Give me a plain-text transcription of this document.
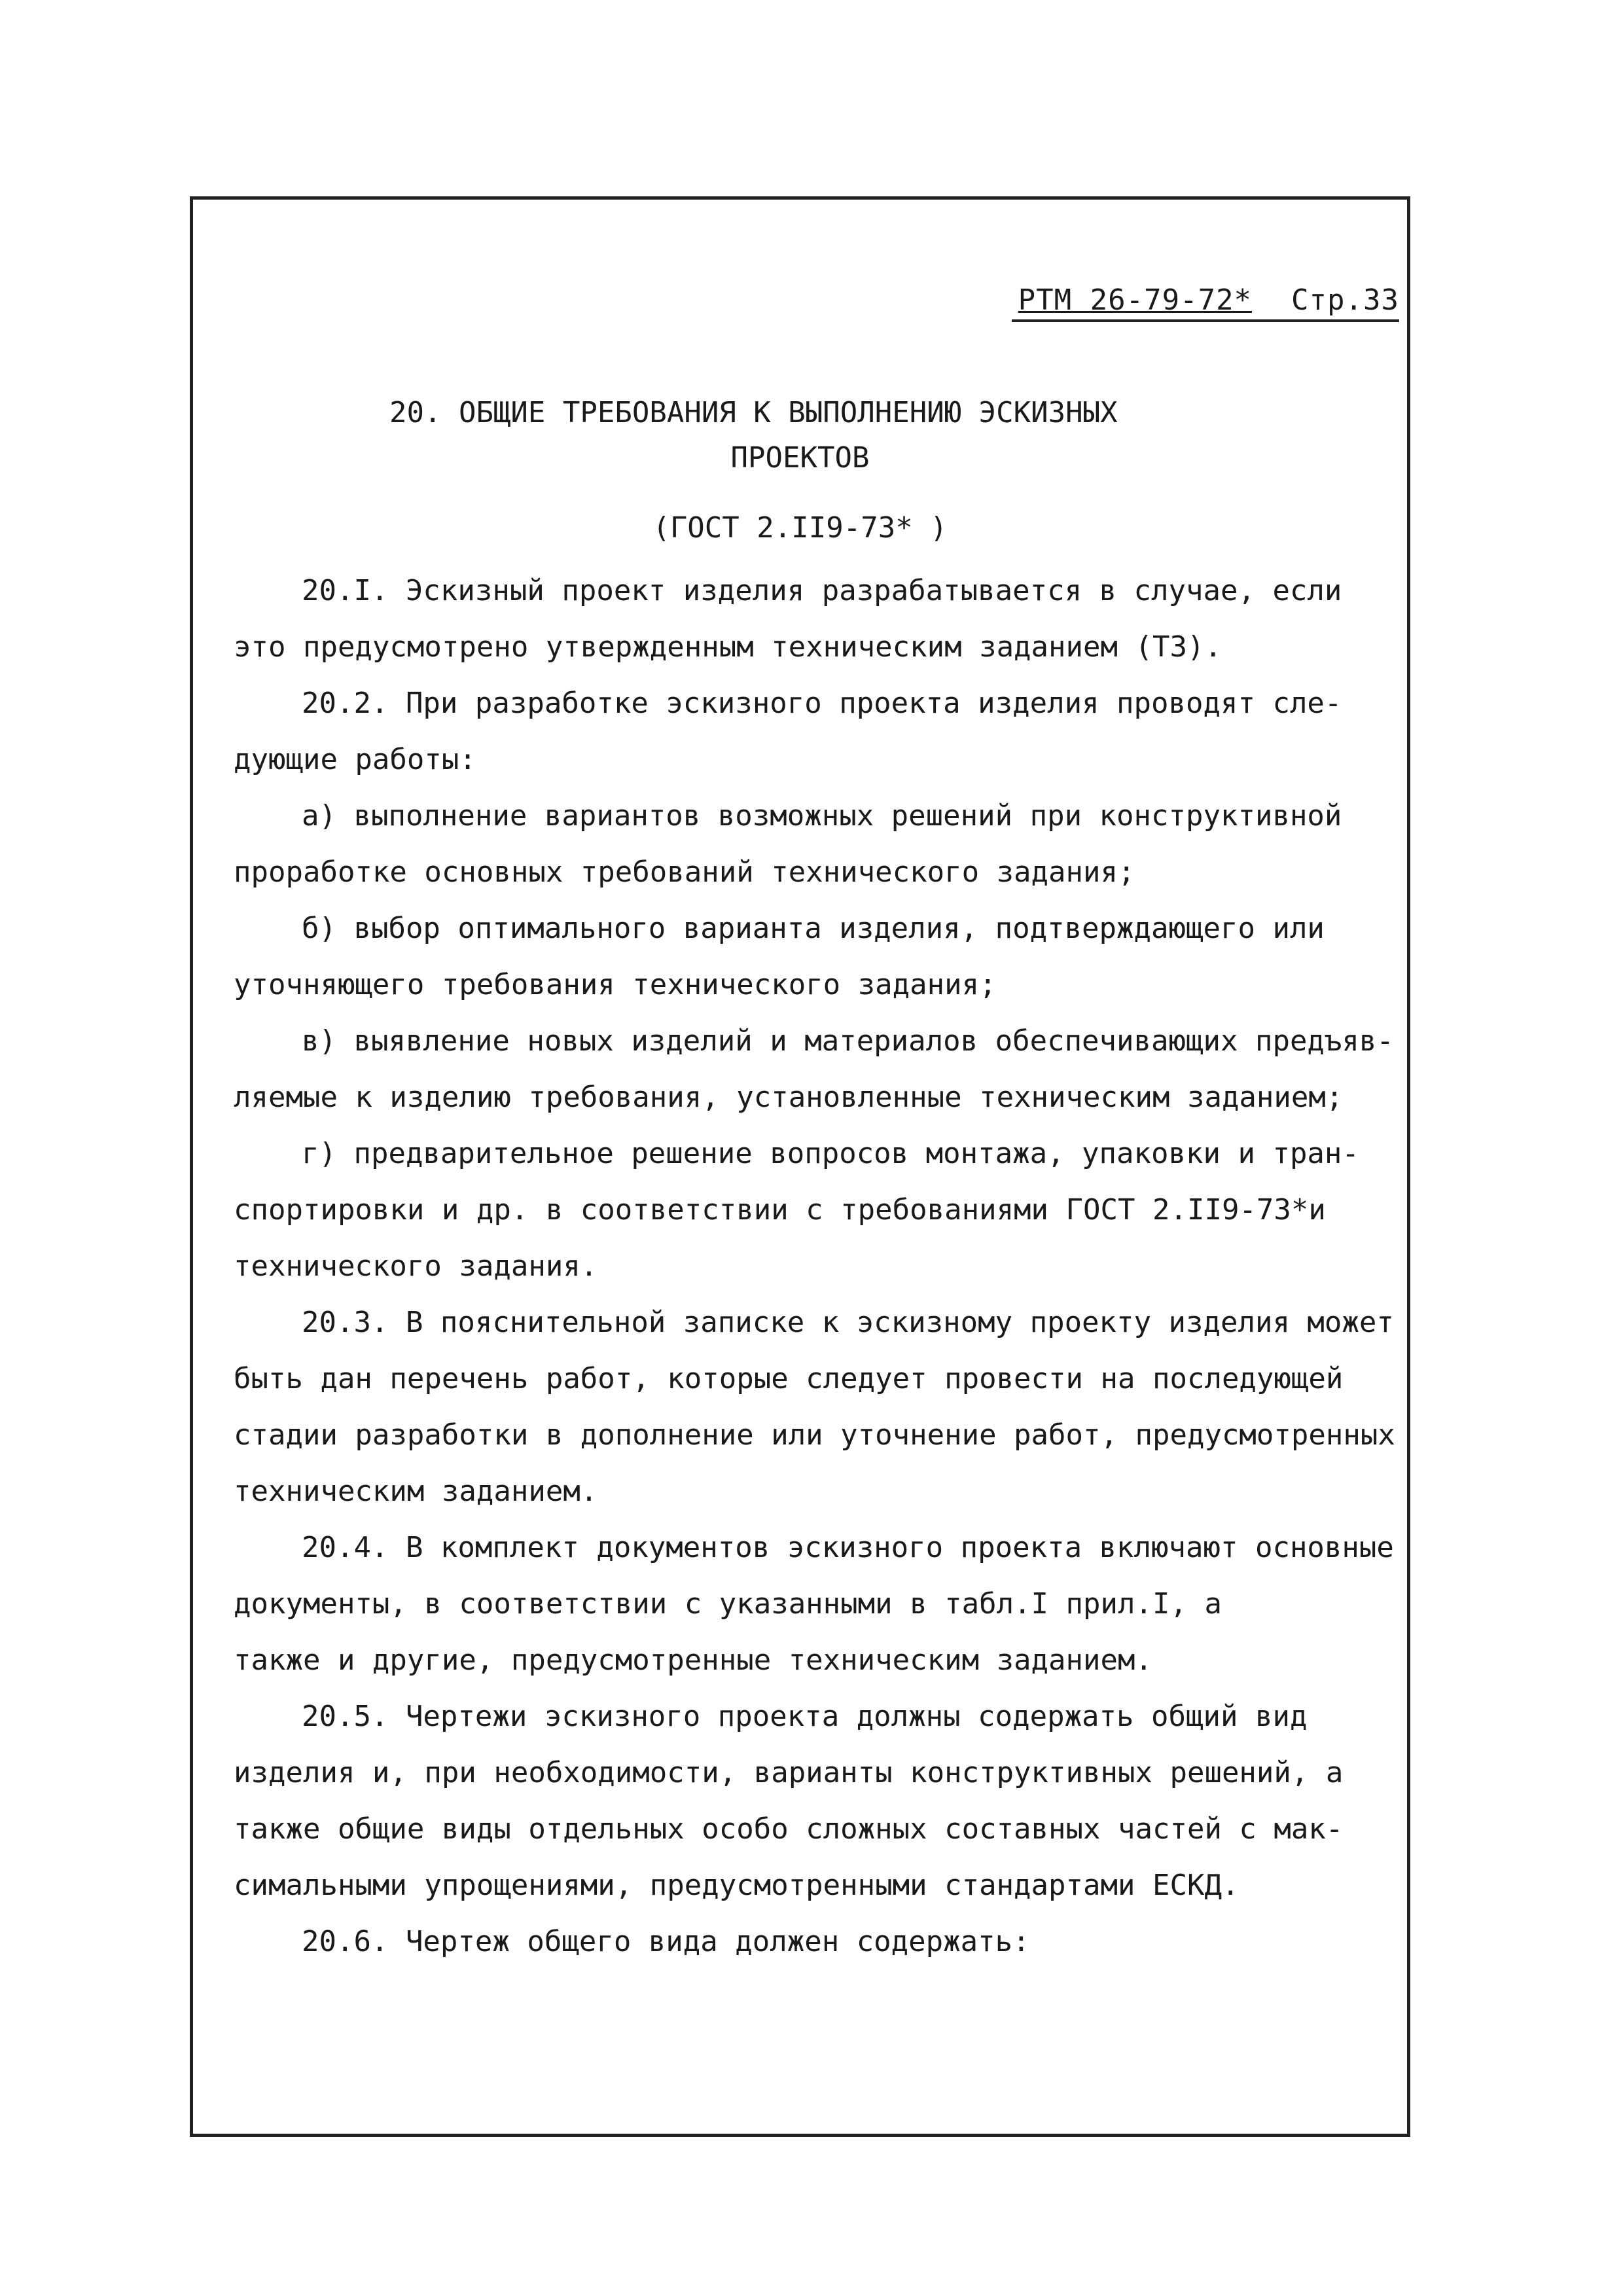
РТМ 26-79-72* Стр.33
20. ОБЩИЕ ТРЕБОВАНИЯ К ВЫПОЛНЕНИЮ ЭСКИЗНЫХ
ПРОЕКТОВ
(ГОСТ 2.II9-73* )
20.I. Эскизный проект изделия разрабатывается в случае, если
это предусмотрено утвержденным техническим заданием (ТЗ).
20.2. При разработке эскизного проекта изделия проводят сле-
дующие работы:
а) выполнение вариантов возможных решений при конструктивной
проработке основных требований технического задания;
б) выбор оптимального варианта изделия, подтверждающего или
уточняющего требования технического задания;
в) выявление новых изделий и материалов обеспечивающих предъяв-
ляемые к изделию требования, установленные техническим заданием;
г) предварительное решение вопросов монтажа, упаковки и тран-
спортировки и др. в соответствии с требованиями ГОСТ 2.II9-73*и
технического задания.
20.3. В пояснительной записке к эскизному проекту изделия может
быть дан перечень работ, которые следует провести на последующей
стадии разработки в дополнение или уточнение работ, предусмотренных
техническим заданием.
20.4. В комплект документов эскизного проекта включают основные
документы, в соответствии с указанными в табл.I прил.I, а
также и другие, предусмотренные техническим заданием.
20.5. Чертежи эскизного проекта должны содержать общий вид
изделия и, при необходимости, варианты конструктивных решений, а
также общие виды отдельных особо сложных составных частей с мак-
симальными упрощениями, предусмотренными стандартами ЕСКД.
20.6. Чертеж общего вида должен содержать:
